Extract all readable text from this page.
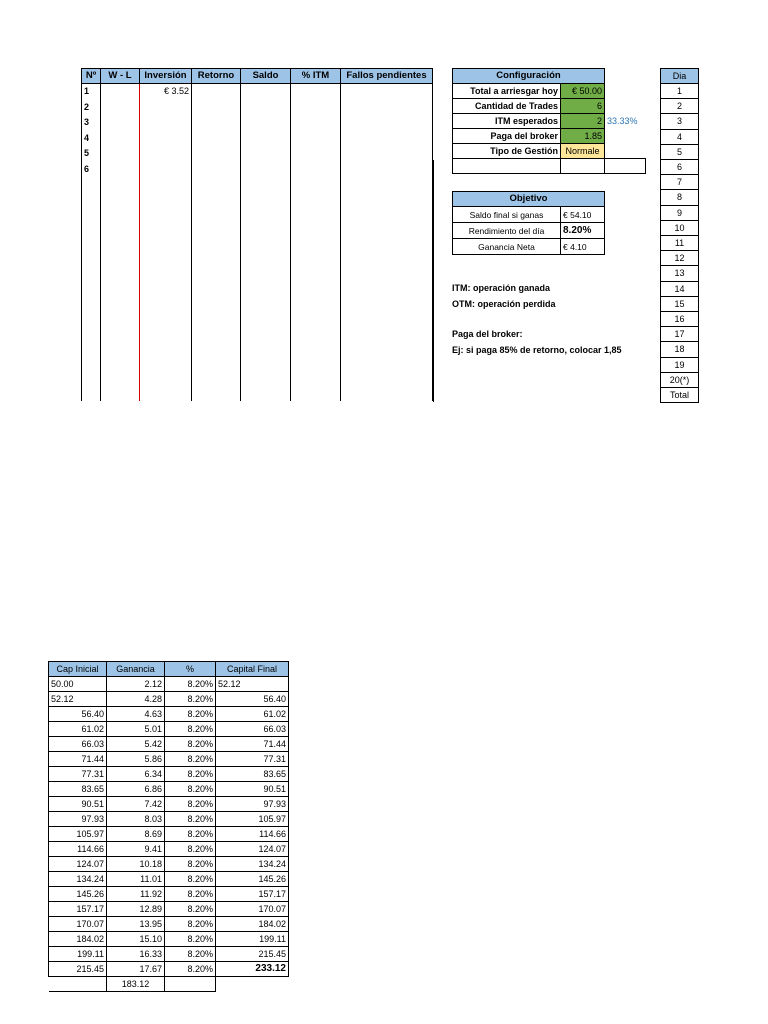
Nº	W - L	Inversión	Retorno	Saldo	% ITM	Fallos pendientes
1		€ 3.52				
2						
3						
4						
5						
6						

Configuración		
Total a arriesgar hoy	€ 50.00	
Cantidad de Trades	6	
ITM esperados	2	33.33%
Paga del broker	1.85	
Tipo de Gestión	Normale	

Objetivo	
Saldo final si ganas	€ 54.10
Rendimiento del día	8.20%
Ganancia Neta	€ 4.10
ITM: operación ganada
OTM: operación perdida
Paga del broker:
Ej: si paga 85% de retorno, colocar 1,85
Dia
1
2
3
4
5
6
7
8
9
10
11
12
13
14
15
16
17
18
19
20(*)
Total
Cap Inicial	Ganancia	%	Capital Final
50.00	2.12	8.20%	52.12
52.12	4.28	8.20%	56.40
56.40	4.63	8.20%	61.02
61.02	5.01	8.20%	66.03
66.03	5.42	8.20%	71.44
71.44	5.86	8.20%	77.31
77.31	6.34	8.20%	83.65
83.65	6.86	8.20%	90.51
90.51	7.42	8.20%	97.93
97.93	8.03	8.20%	105.97
105.97	8.69	8.20%	114.66
114.66	9.41	8.20%	124.07
124.07	10.18	8.20%	134.24
134.24	11.01	8.20%	145.26
145.26	11.92	8.20%	157.17
157.17	12.89	8.20%	170.07
170.07	13.95	8.20%	184.02
184.02	15.10	8.20%	199.11
199.11	16.33	8.20%	215.45
215.45	17.67	8.20%	233.12
	183.12		
